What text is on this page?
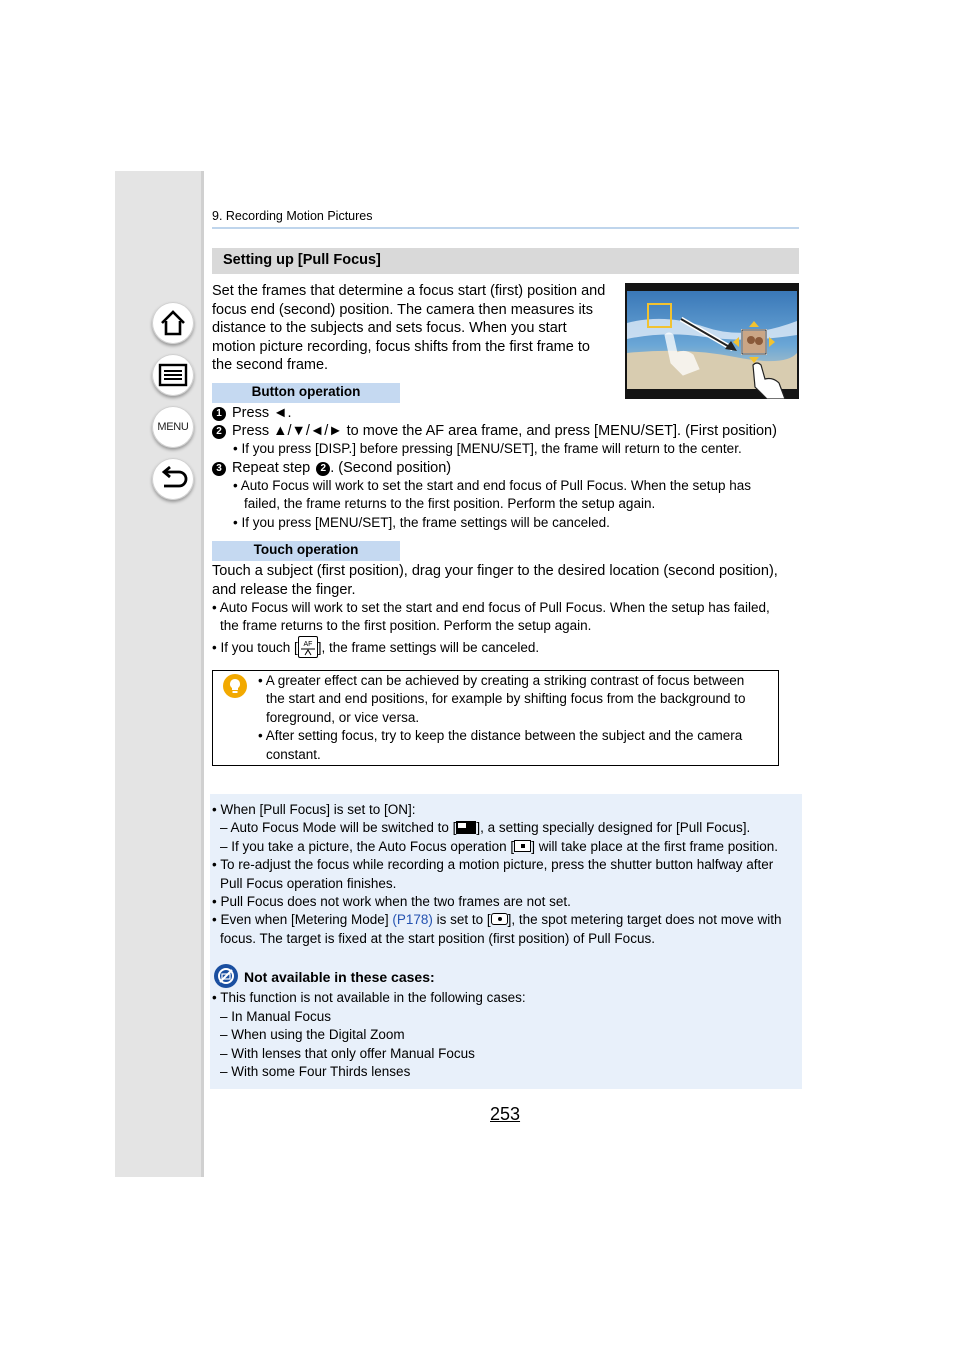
MENU
9. Recording Motion Pictures
Setting up [Pull Focus]
Set the frames that determine a focus start (first) position and
focus end (second) position. The camera then measures its
distance to the subjects and sets focus. When you start
motion picture recording, focus shifts from the first frame to
the second frame.
Button operation
1 Press ◄.
2 Press ▲/▼/◄/► to move the AF area frame, and press [MENU/SET]. (First position)
• If you press [DISP.] before pressing [MENU/SET], the frame will return to the center.
3 Repeat step 2 . (Second position)
• Auto Focus will work to set the start and end focus of Pull Focus. When the setup has
failed, the frame returns to the first position. Perform the setup again.
• If you press [MENU/SET], the frame settings will be canceled.
Touch operation
Touch a subject (first position), drag your finger to the desired location (second position),
and release the finger.
• Auto Focus will work to set the start and end focus of Pull Focus. When the setup has failed,
the frame returns to the first position. Perform the setup again.
• If you touch [ AF ], the frame settings will be canceled.
• A greater effect can be achieved by creating a striking contrast of focus between
the start and end positions, for example by shifting focus from the background to
foreground, or vice versa.
• After setting focus, try to keep the distance between the subject and the camera
constant.
• When [Pull Focus] is set to [ON]:
– Auto Focus Mode will be switched to [ ], a setting specially designed for [Pull Focus].
– If you take a picture, the Auto Focus operation [ ] will take place at the first frame position.
• To re-adjust the focus while recording a motion picture, press the shutter button halfway after
Pull Focus operation finishes.
• Pull Focus does not work when the two frames are not set.
• Even when [Metering Mode] (P178) is set to [ ], the spot metering target does not move with
focus. The target is fixed at the start position (first position) of Pull Focus.
Not available in these cases:
• This function is not available in the following cases:
– In Manual Focus
– When using the Digital Zoom
– With lenses that only offer Manual Focus
– With some Four Thirds lenses
253
